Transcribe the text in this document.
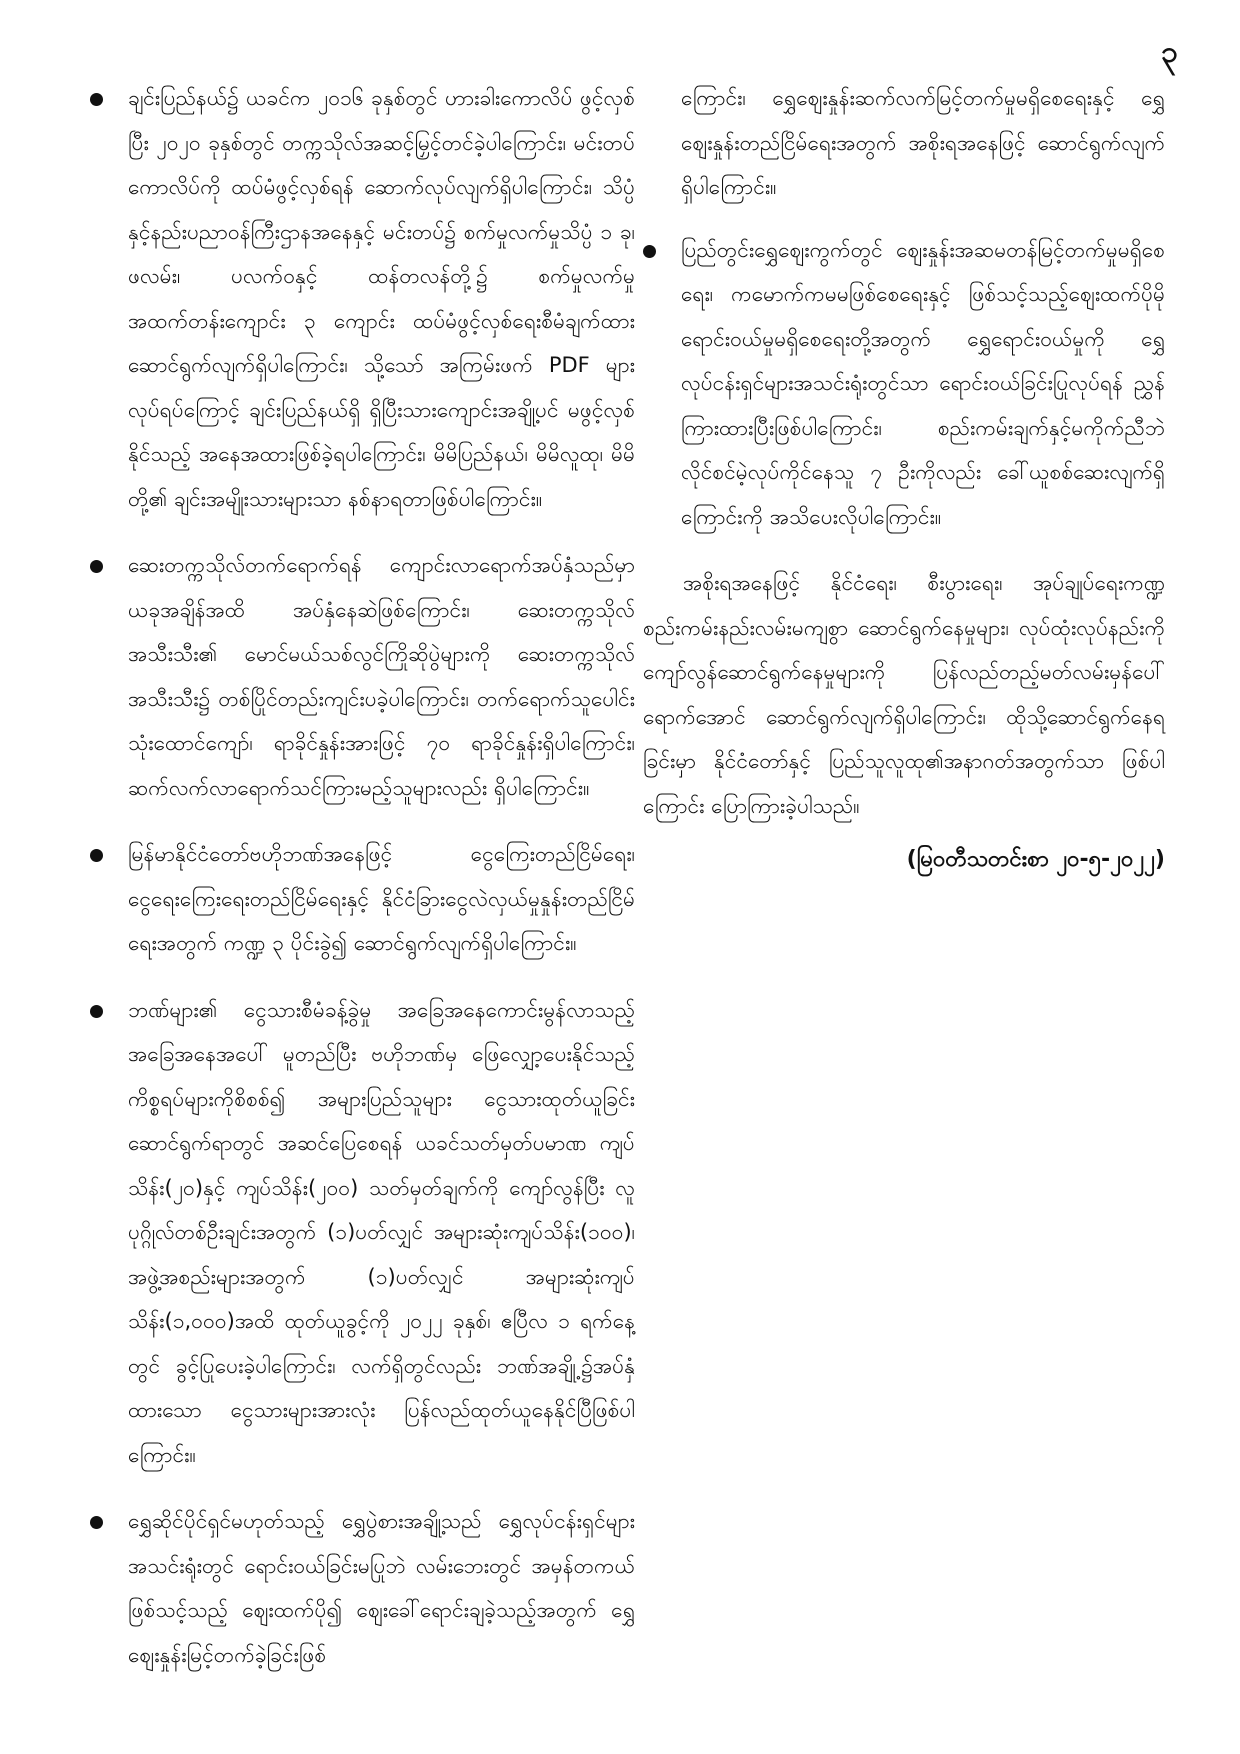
၃
ချင်းပြည်နယ်၌ ယခင်က ၂၀၁၆ ခုနှစ်တွင် ဟားခါးကောလိပ် ဖွင့်လှစ်ပြီး ၂၀၂၀ ခုနှစ်တွင် တက္ကသိုလ်အဆင့်မြှင့်တင်ခဲ့ပါကြောင်း၊ မင်းတပ်ကောလိပ်ကို ထပ်မံဖွင့်လှစ်ရန် ဆောက်လုပ်လျက်ရှိပါကြောင်း၊ သိပ္ပံနှင့်နည်းပညာဝန်ကြီးဌာနအနေနှင့် မင်းတပ်၌ စက်မှုလက်မှုသိပ္ပံ ၁ ခု၊ ဖလမ်း၊ ပလက်ဝနှင့် ထန်တလန်တို့၌ စက်မှုလက်မှုအထက်တန်းကျောင်း ၃ ကျောင်း ထပ်မံဖွင့်လှစ်ရေးစီမံချက်ထား ဆောင်ရွက်လျက်ရှိပါကြောင်း၊ သို့သော် အကြမ်းဖက် PDF များလုပ်ရပ်ကြောင့် ချင်းပြည်နယ်ရှိ ရှိပြီးသားကျောင်းအချို့ပင် မဖွင့်လှစ်နိုင်သည့် အနေအထားဖြစ်ခဲ့ရပါကြောင်း၊ မိမိပြည်နယ်၊ မိမိလူထု၊ မိမိတို့၏ ချင်းအမျိုးသားများသာ နစ်နာရတာဖြစ်ပါကြောင်း။
ဆေးတက္ကသိုလ်တက်ရောက်ရန် ကျောင်းလာရောက်အပ်နှံသည်မှာ ယခုအချိန်အထိ အပ်နှံနေဆဲဖြစ်ကြောင်း၊ ဆေးတက္ကသိုလ်အသီးသီး၏ မောင်မယ်သစ်လွင်ကြိုဆိုပွဲများကို ဆေးတက္ကသိုလ်အသီးသီး၌ တစ်ပြိုင်တည်းကျင်းပခဲ့ပါကြောင်း၊ တက်ရောက်သူပေါင်း သုံးထောင်ကျော်၊ ရာခိုင်နှုန်းအားဖြင့် ၇၀ ရာခိုင်နှုန်းရှိပါကြောင်း၊ ဆက်လက်လာရောက်သင်ကြားမည့်သူများလည်း ရှိပါကြောင်း။
မြန်မာနိုင်ငံတော်ဗဟိုဘဏ်အနေဖြင့် ငွေကြေးတည်ငြိမ်ရေး၊ ငွေရေးကြေးရေးတည်ငြိမ်ရေးနှင့် နိုင်ငံခြားငွေလဲလှယ်မှုနှုန်းတည်ငြိမ်ရေးအတွက် ကဏ္ဍ ၃ ပိုင်းခွဲ၍ ဆောင်ရွက်လျက်ရှိပါကြောင်း။
ဘဏ်များ၏ ငွေသားစီမံခန့်ခွဲမှု အခြေအနေကောင်းမွန်လာသည့်အခြေအနေအပေါ် မူတည်ပြီး ဗဟိုဘဏ်မှ ဖြေလျှော့ပေးနိုင်သည့်ကိစ္စရပ်များကိုစိစစ်၍ အများပြည်သူများ ငွေသားထုတ်ယူခြင်းဆောင်ရွက်ရာတွင် အဆင်ပြေစေရန် ယခင်သတ်မှတ်ပမာဏ ကျပ်သိန်း(၂၀)နှင့် ကျပ်သိန်း(၂၀၀) သတ်မှတ်ချက်ကို ကျော်လွန်ပြီး လူပုဂ္ဂိုလ်တစ်ဦးချင်းအတွက် (၁)ပတ်လျှင် အများဆုံးကျပ်သိန်း(၁၀၀)၊ အဖွဲ့အစည်းများအတွက် (၁)ပတ်လျှင် အများဆုံးကျပ်သိန်း(၁,၀၀၀)အထိ ထုတ်ယူခွင့်ကို ၂၀၂၂ ခုနှစ်၊ ဧပြီလ ၁ ရက်နေ့တွင် ခွင့်ပြုပေးခဲ့ပါကြောင်း၊ လက်ရှိတွင်လည်း ဘဏ်အချို့၌အပ်နှံထားသော ငွေသားများအားလုံး ပြန်လည်ထုတ်ယူနေနိုင်ပြီဖြစ်ပါကြောင်း။
ရွှေဆိုင်ပိုင်ရှင်မဟုတ်သည့် ရွှေပွဲစားအချို့သည် ရွှေလုပ်ငန်းရှင်များအသင်းရုံးတွင် ရောင်းဝယ်ခြင်းမပြုဘဲ လမ်းဘေးတွင် အမှန်တကယ်ဖြစ်သင့်သည့် ဈေးထက်ပို၍ ဈေးခေါ်ရောင်းချခဲ့သည့်အတွက် ရွှေဈေးနှုန်းမြင့်တက်ခဲ့ခြင်းဖြစ်

ကြောင်း၊ ရွှေဈေးနှုန်းဆက်လက်မြင့်တက်မှုမရှိစေရေးနှင့် ရွှေဈေးနှုန်းတည်ငြိမ်ရေးအတွက် အစိုးရအနေဖြင့် ဆောင်ရွက်လျက်ရှိပါကြောင်း။

ပြည်တွင်းရွှေဈေးကွက်တွင် ဈေးနှုန်းအဆမတန်မြင့်တက်မှုမရှိစေရေး၊ ကမောက်ကမမဖြစ်စေရေးနှင့် ဖြစ်သင့်သည့်ဈေးထက်ပိုမိုရောင်းဝယ်မှုမရှိစေရေးတို့အတွက် ရွှေရောင်းဝယ်မှုကို ရွှေလုပ်ငန်းရှင်များအသင်းရုံးတွင်သာ ရောင်းဝယ်ခြင်းပြုလုပ်ရန် ညွှန်ကြားထားပြီးဖြစ်ပါကြောင်း၊ စည်းကမ်းချက်နှင့်မကိုက်ညီဘဲ လိုင်စင်မဲ့လုပ်ကိုင်နေသူ ၇ ဦးကိုလည်း ခေါ်ယူစစ်ဆေးလျက်ရှိကြောင်းကို အသိပေးလိုပါကြောင်း။

အစိုးရအနေဖြင့် နိုင်ငံရေး၊ စီးပွားရေး၊ အုပ်ချုပ်ရေးကဏ္ဍစည်းကမ်းနည်းလမ်းမကျစွာ ဆောင်ရွက်နေမှုများ၊ လုပ်ထုံးလုပ်နည်းကို ကျော်လွန်ဆောင်ရွက်နေမှုများကို ပြန်လည်တည့်မတ်လမ်းမှန်ပေါ်ရောက်အောင် ဆောင်ရွက်လျက်ရှိပါကြောင်း၊ ထိုသို့ဆောင်ရွက်နေရခြင်းမှာ နိုင်ငံတော်နှင့် ပြည်သူလူထု၏အနာဂတ်အတွက်သာ ဖြစ်ပါကြောင်း ပြောကြားခဲ့ပါသည်။

(မြဝတီသတင်းစာ ၂၀-၅-၂၀၂၂)
